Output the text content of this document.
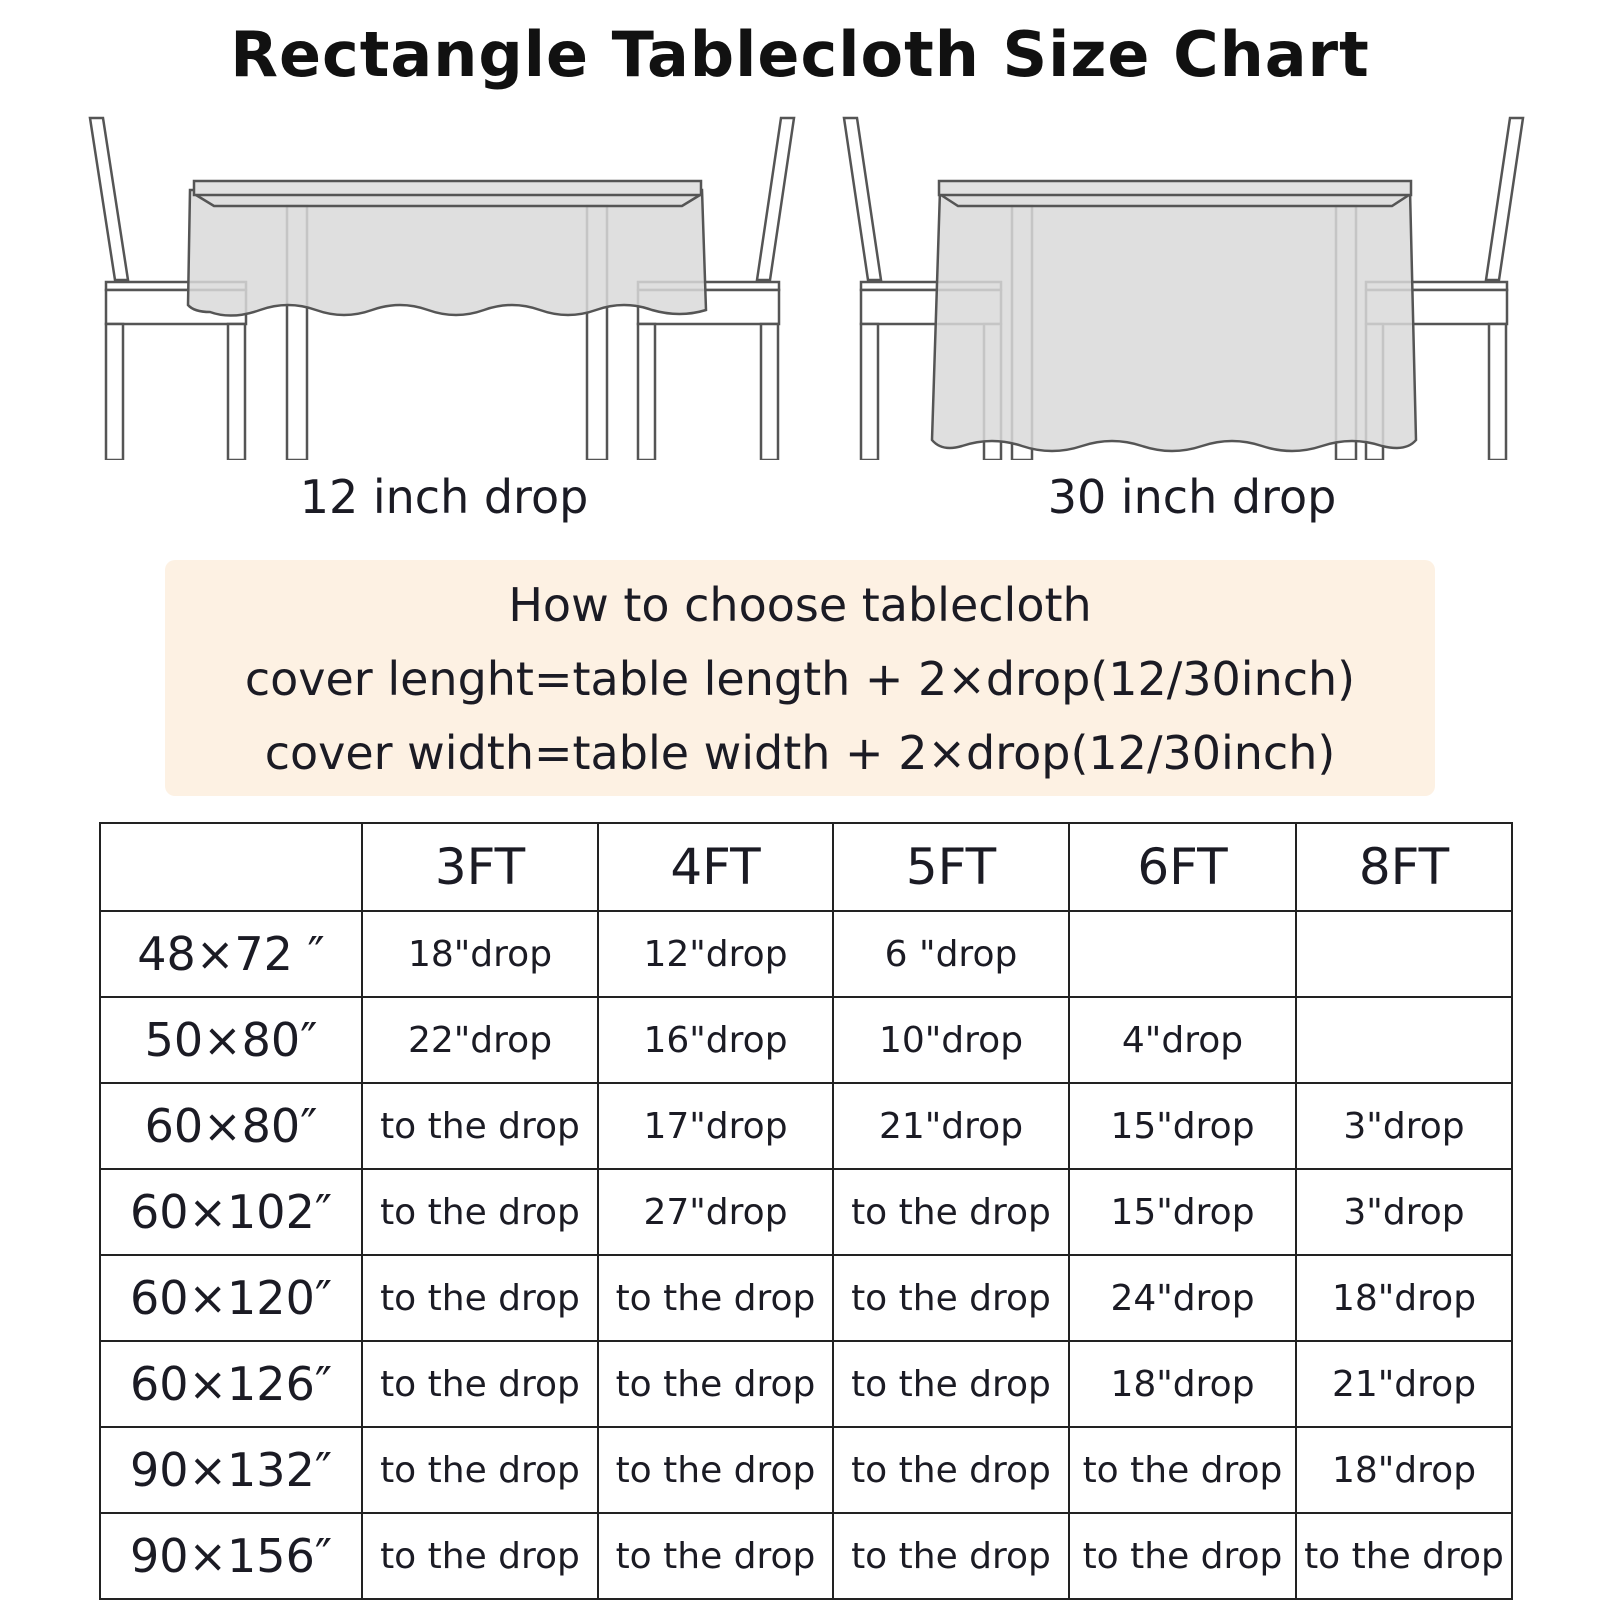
Rectangle Tablecloth Size Chart
12 inch drop	30 inch drop
How to choose tablecloth
cover lenght=table length + 2×drop(12/30inch)
cover width=table width + 2×drop(12/30inch)
	3FT	4FT	5FT	6FT	8FT
48×72 ″	18"drop	12"drop	6 "drop		
50×80″	22"drop	16"drop	10"drop	4"drop	
60×80″	to the drop	17"drop	21"drop	15"drop	3"drop
60×102″	to the drop	27"drop	to the drop	15"drop	3"drop
60×120″	to the drop	to the drop	to the drop	24"drop	18"drop
60×126″	to the drop	to the drop	to the drop	18"drop	21"drop
90×132″	to the drop	to the drop	to the drop	to the drop	18"drop
90×156″	to the drop	to the drop	to the drop	to the drop	to the drop
